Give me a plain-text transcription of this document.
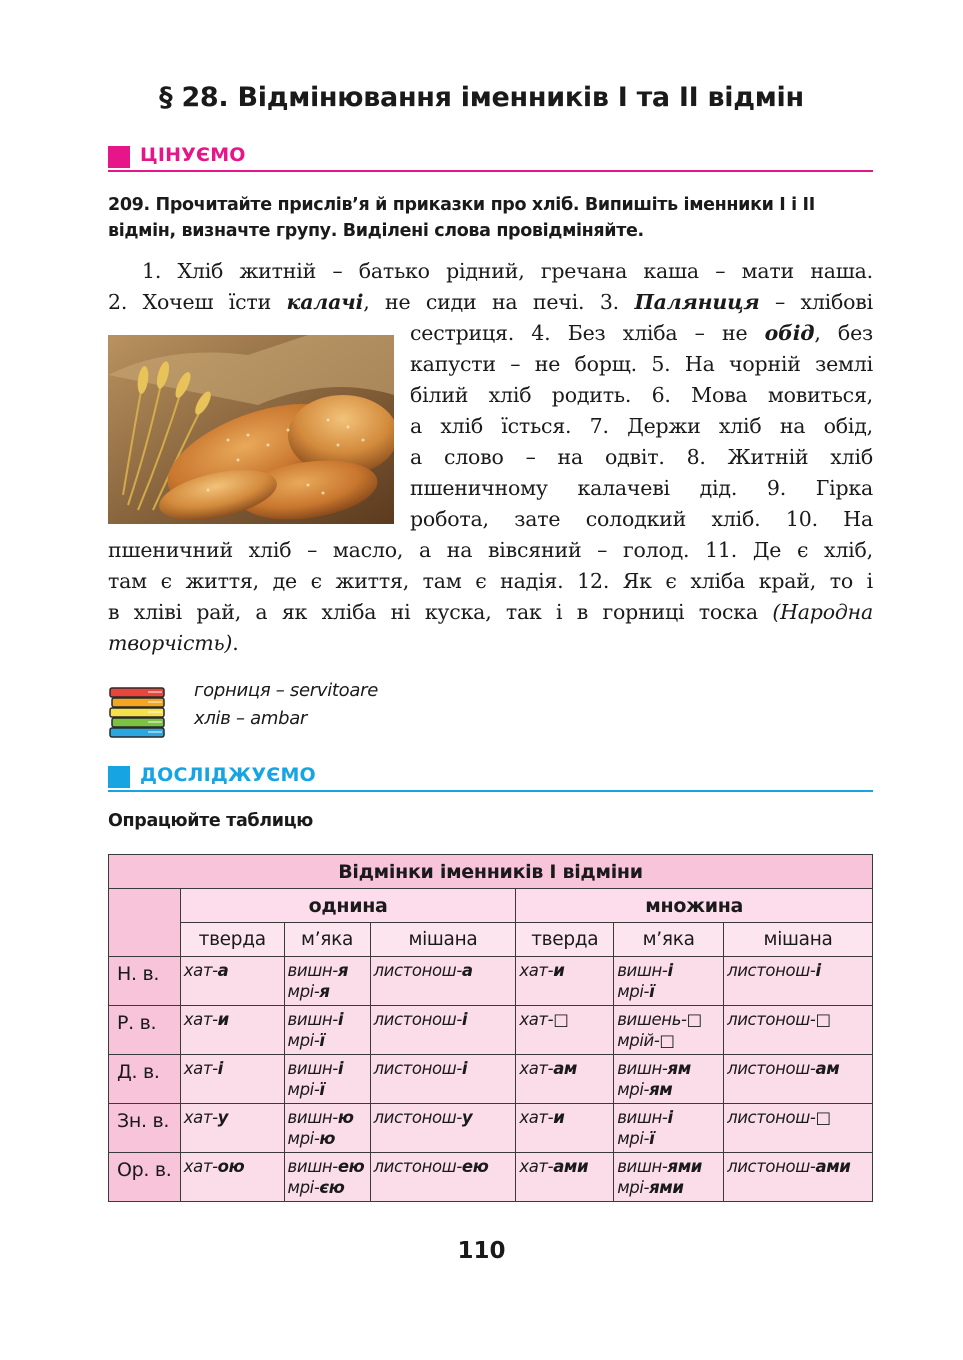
§ 28. Відмінювання іменників І та ІІ відмін
ЦІНУЄМО
209. Прочитайте прислів’я й приказки про хліб. Випишіть іменники І і ІІ відмін, визначте групу. Виділені слова провідміняйте.
1. Хліб житній – батько рідний, гречана каша – мати наша.
2. Хочеш їсти калачі, не сиди на печі. 3. Паляниця – хлібові
сестриця. 4. Без хліба – не обід, без
капусти – не борщ. 5. На чорній землі
білий хліб родить. 6. Мова мовиться,
а хліб їсться. 7. Держи хліб на обід,
а слово – на одвіт. 8. Житній хліб
пшеничному калачеві дід. 9. Гірка
робота, зате солодкий хліб. 10. На
пшеничний хліб – масло, а на вівсяний – голод. 11. Де є хліб,
там є життя, де є життя, там є надія. 12. Як є хліба край, то і
в хліві рай, а як хліба ні куска, так і в горниці тоска (Народна
творчість).
горниця – servitoare
хлів – ambar
ДОСЛІДЖУЄМО
Опрацюйте таблицю
Відмінки іменників І відміни						
	однина			множина		
	тверда	м’яка	мішана	тверда	м’яка	мішана
Н. в.	хат-а	вишн-я
мрі-я	листонош-а	хат-и	вишн-і
мрі-ї	листонош-і

Р. в.	хат-и	вишн-і
мрі-ї	листонош-і	хат-□	вишень-□
мрій-□	листонош-□

Д. в.	хат-і	вишн-і
мрі-ї	листонош-і	хат-ам	вишн-ям
мрі-ям	листонош-ам

Зн. в.	хат-у	вишн-ю
мрі-ю	листонош-у	хат-и	вишн-і
мрі-ї	листонош-□

Ор. в.	хат-ою	вишн-ею
мрі-єю	листонош-ею	хат-ами	вишн-ями
мрі-ями	листонош-ами
110
